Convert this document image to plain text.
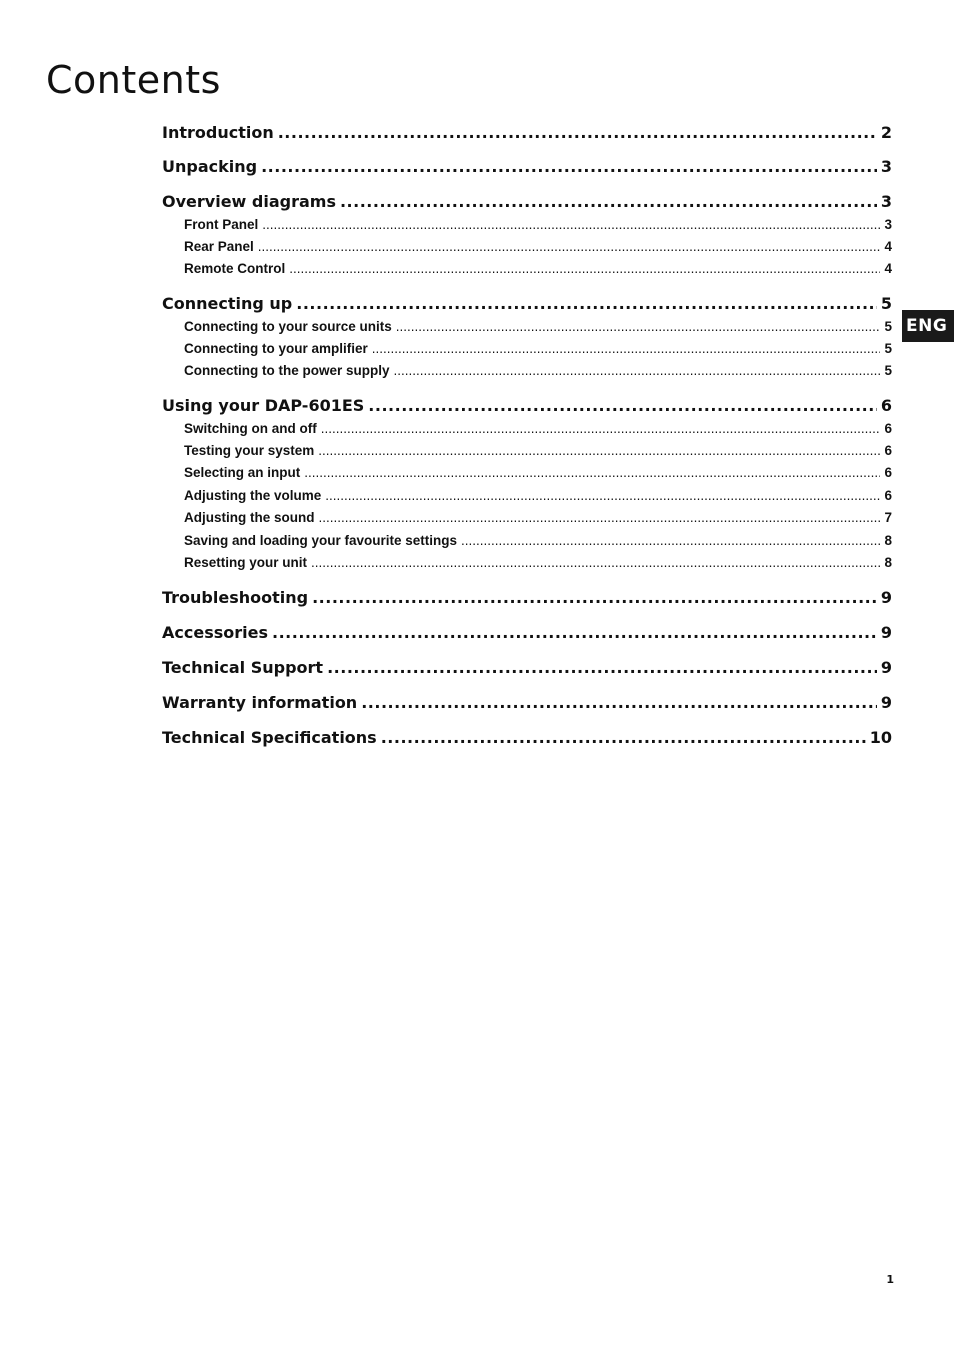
Contents
Introduction .....	2
Unpacking .....	3
Overview diagrams .....	3
Front Panel .....	3
Rear Panel .....	4
Remote Control .....	4
Connecting up .....	5
Connecting to your source units .....	5
Connecting to your amplifier .....	5
Connecting to the power supply .....	5
Using your DAP-601ES .....	6
Switching on and off .....	6
Testing your system .....	6
Selecting an input .....	6
Adjusting the volume .....	6
Adjusting the sound .....	7
Saving and loading your favourite settings .....	8
Resetting your unit .....	8
Troubleshooting .....	9
Accessories .....	9
Technical Support .....	9
Warranty information .....	9
Technical Specifications .....	10
ENG
1
